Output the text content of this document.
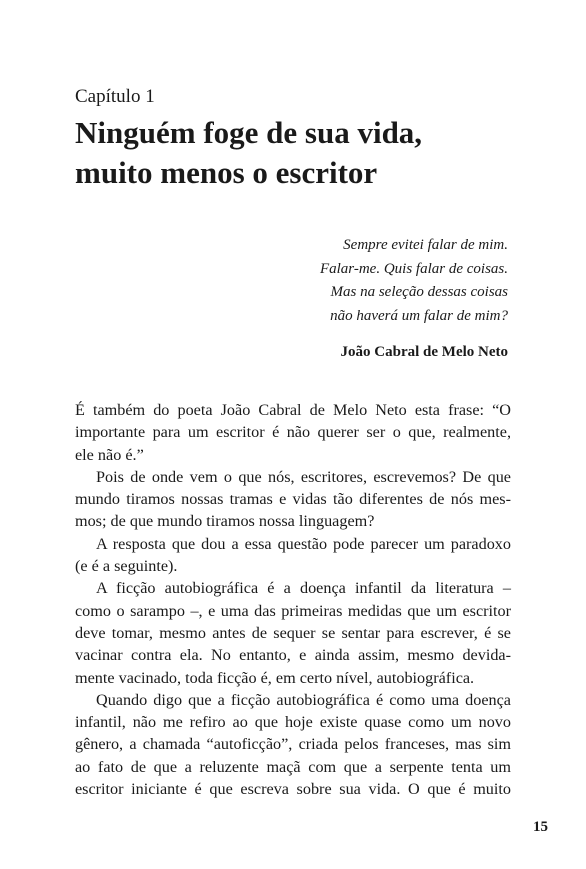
Capítulo 1
Ninguém foge de sua vida,
muito menos o escritor
Sempre evitei falar de mim.
Falar-me. Quis falar de coisas.
Mas na seleção dessas coisas
não haverá um falar de mim?
João Cabral de Melo Neto
É também do poeta João Cabral de Melo Neto esta frase: “O
importante para um escritor é não querer ser o que, realmente,
ele não é.”
Pois de onde vem o que nós, escritores, escrevemos? De que
mundo tiramos nossas tramas e vidas tão diferentes de nós mes-
mos; de que mundo tiramos nossa linguagem?
A resposta que dou a essa questão pode parecer um paradoxo
(e é a seguinte).
A ficção autobiográfica é a doença infantil da literatura –
como o sarampo –, e uma das primeiras medidas que um escritor
deve tomar, mesmo antes de sequer se sentar para escrever, é se
vacinar contra ela. No entanto, e ainda assim, mesmo devida-
mente vacinado, toda ficção é, em certo nível, autobiográfica.
Quando digo que a ficção autobiográfica é como uma doença
infantil, não me refiro ao que hoje existe quase como um novo
gênero, a chamada “autoficção”, criada pelos franceses, mas sim
ao fato de que a reluzente maçã com que a serpente tenta um
escritor iniciante é que escreva sobre sua vida. O que é muito
15
